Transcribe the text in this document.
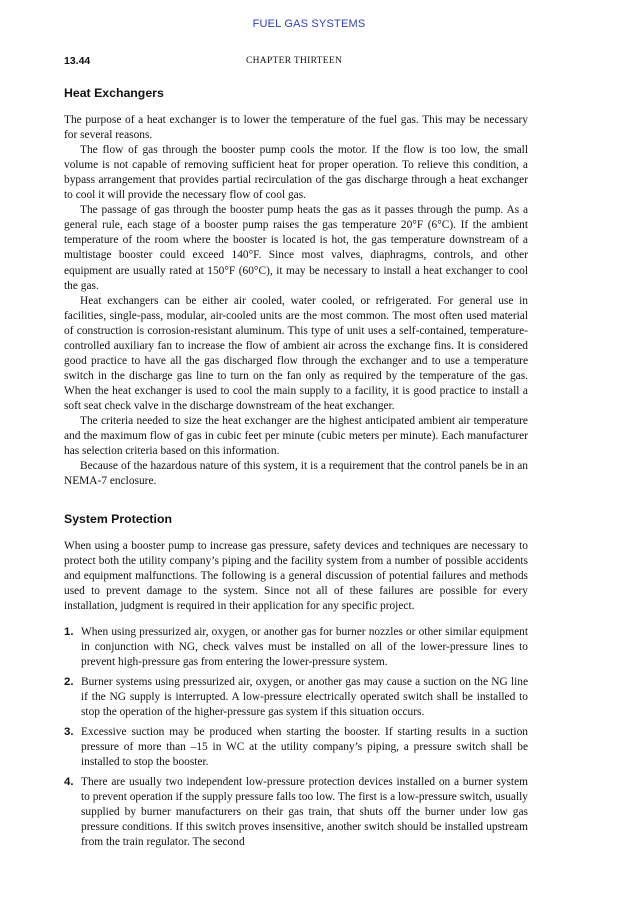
FUEL GAS SYSTEMS
13.44	CHAPTER THIRTEEN
Heat Exchangers

The purpose of a heat exchanger is to lower the temperature of the fuel gas. This may be necessary for several reasons.

The flow of gas through the booster pump cools the motor. If the flow is too low, the small volume is not capable of removing sufficient heat for proper operation. To relieve this condition, a bypass arrangement that provides partial recirculation of the gas discharge through a heat exchanger to cool it will provide the necessary flow of cool gas.

The passage of gas through the booster pump heats the gas as it passes through the pump. As a general rule, each stage of a booster pump raises the gas temperature 20°F (6°C). If the ambient temperature of the room where the booster is located is hot, the gas temperature downstream of a multistage booster could exceed 140°F. Since most valves, diaphragms, controls, and other equipment are usually rated at 150°F (60°C), it may be necessary to install a heat exchanger to cool the gas.

Heat exchangers can be either air cooled, water cooled, or refrigerated. For general use in facilities, single-pass, modular, air-cooled units are the most common. The most often used material of construction is corrosion-resistant aluminum. This type of unit uses a self-contained, temperature-controlled auxiliary fan to increase the flow of ambient air across the exchange fins. It is considered good practice to have all the gas discharged flow through the exchanger and to use a temperature switch in the discharge gas line to turn on the fan only as required by the temperature of the gas. When the heat exchanger is used to cool the main supply to a facility, it is good practice to install a soft seat check valve in the discharge downstream of the heat exchanger.

The criteria needed to size the heat exchanger are the highest anticipated ambient air temperature and the maximum flow of gas in cubic feet per minute (cubic meters per minute). Each manufacturer has selection criteria based on this information.

Because of the hazardous nature of this system, it is a requirement that the control panels be in an NEMA-7 enclosure.

System Protection

When using a booster pump to increase gas pressure, safety devices and techniques are necessary to protect both the utility company’s piping and the facility system from a number of possible accidents and equipment malfunctions. The following is a general discussion of potential failures and methods used to prevent damage to the system. Since not all of these failures are possible for every installation, judgment is required in their application for any specific project.

1. When using pressurized air, oxygen, or another gas for burner nozzles or other similar equipment in conjunction with NG, check valves must be installed on all of the lower-pressure lines to prevent high-pressure gas from entering the lower-pressure system.
2. Burner systems using pressurized air, oxygen, or another gas may cause a suction on the NG line if the NG supply is interrupted. A low-pressure electrically operated switch shall be installed to stop the operation of the higher-pressure gas system if this situation occurs.
3. Excessive suction may be produced when starting the booster. If starting results in a suction pressure of more than –15 in WC at the utility company’s piping, a pressure switch shall be installed to stop the booster.
4. There are usually two independent low-pressure protection devices installed on a burner system to prevent operation if the supply pressure falls too low. The first is a low-pressure switch, usually supplied by burner manufacturers on their gas train, that shuts off the burner under low gas pressure conditions. If this switch proves insensitive, another switch should be installed upstream from the train regulator. The second
